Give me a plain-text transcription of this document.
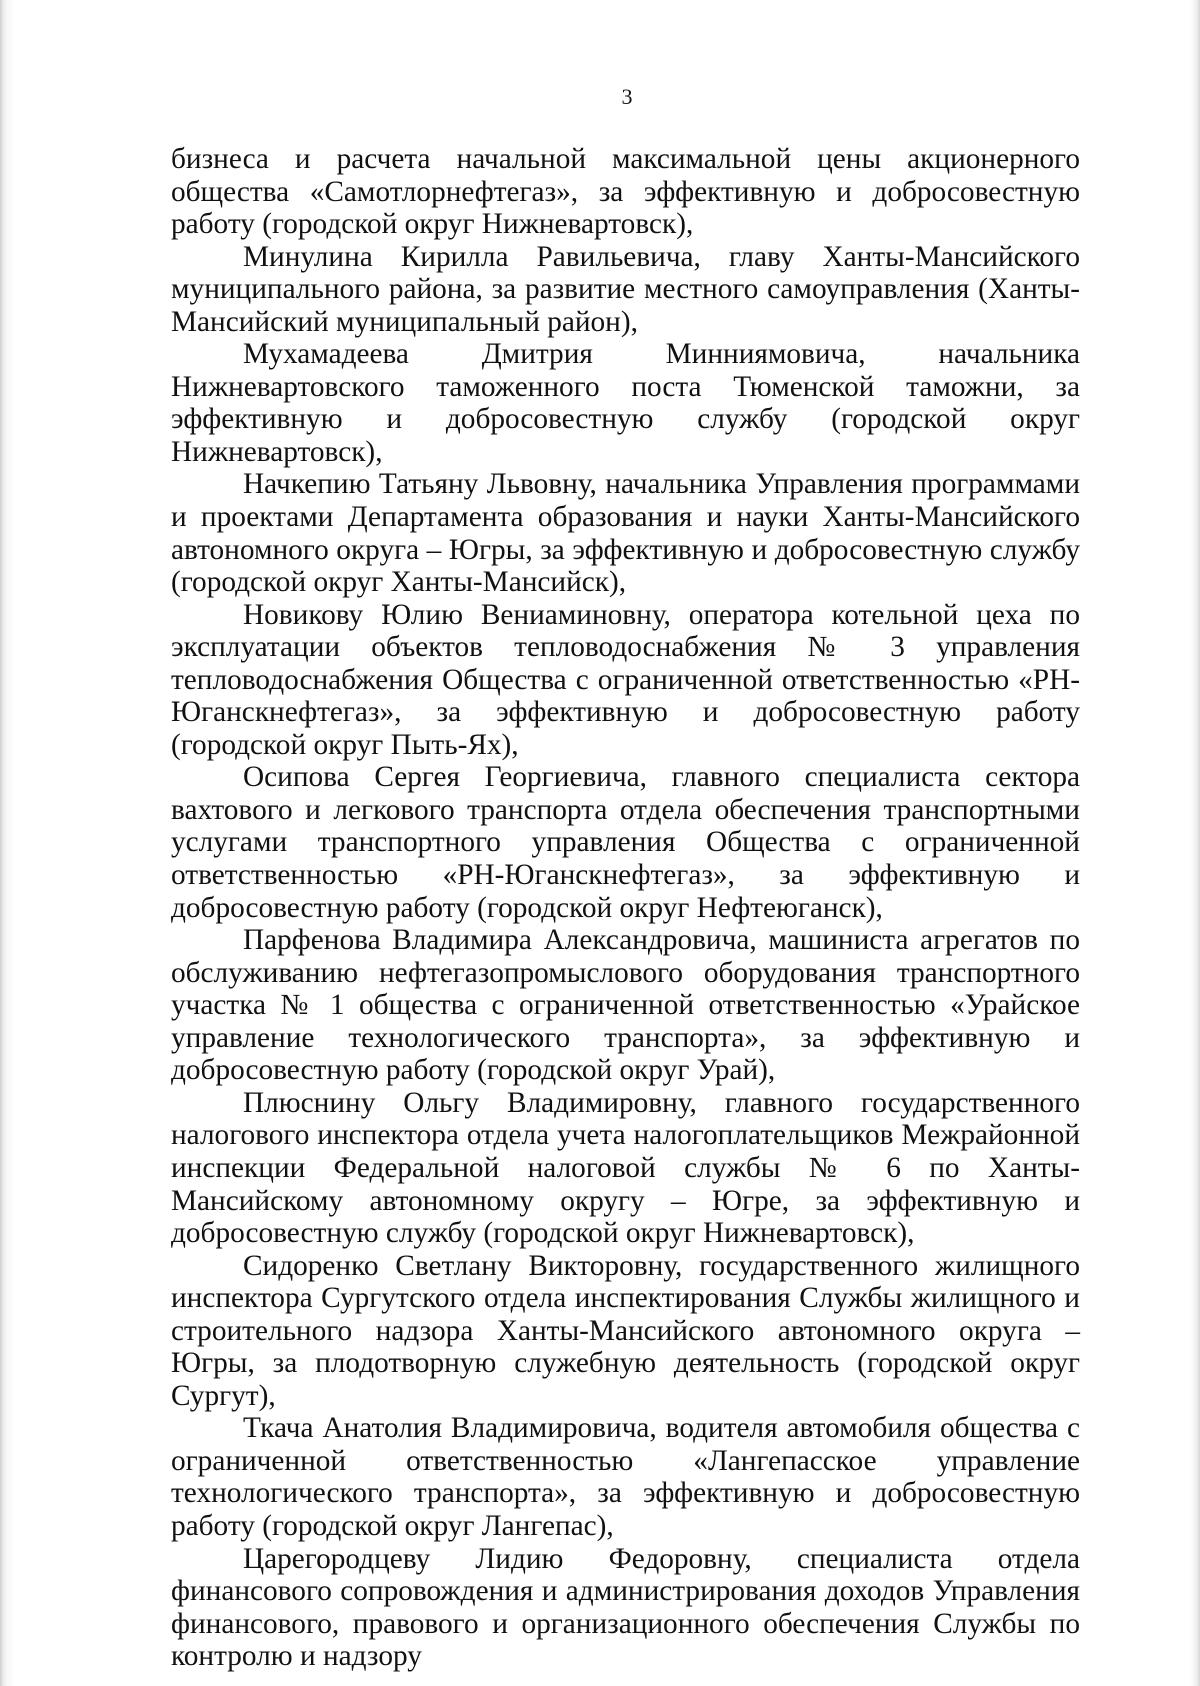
3

бизнеса и расчета начальной максимальной цены акционерного общества «Самотлорнефтегаз», за эффективную и добросовестную работу (городской округ Нижневартовск),

Минулина Кирилла Равильевича, главу Ханты-Мансийского муниципального района, за развитие местного самоуправления (Ханты-Мансийский муниципальный район),

Мухамадеева Дмитрия Минниямовича, начальника Нижневартовского таможенного поста Тюменской таможни, за эффективную и добросовестную службу (городской округ Нижневартовск),

Начкепию Татьяну Львовну, начальника Управления программами и проектами Департамента образования и науки Ханты-Мансийского автономного округа – Югры, за эффективную и добросовестную службу (городской округ Ханты-Мансийск),

Новикову Юлию Вениаминовну, оператора котельной цеха по эксплуатации объектов тепловодоснабжения № 3 управления тепловодоснабжения Общества с ограниченной ответственностью «РН-Юганскнефтегаз», за эффективную и добросовестную работу (городской округ Пыть-Ях),

Осипова Сергея Георгиевича, главного специалиста сектора вахтового и легкового транспорта отдела обеспечения транспортными услугами транспортного управления Общества с ограниченной ответственностью «РН-Юганскнефтегаз», за эффективную и добросовестную работу (городской округ Нефтеюганск),

Парфенова Владимира Александровича, машиниста агрегатов по обслуживанию нефтегазопромыслового оборудования транспортного участка № 1 общества с ограниченной ответственностью «Урайское управление технологического транспорта», за эффективную и добросовестную работу (городской округ Урай),

Плюснину Ольгу Владимировну, главного государственного налогового инспектора отдела учета налогоплательщиков Межрайонной инспекции Федеральной налоговой службы № 6 по Ханты-Мансийскому автономному округу – Югре, за эффективную и добросовестную службу (городской округ Нижневартовск),

Сидоренко Светлану Викторовну, государственного жилищного инспектора Сургутского отдела инспектирования Службы жилищного и строительного надзора Ханты-Мансийского автономного округа – Югры, за плодотворную служебную деятельность (городской округ Сургут),

Ткача Анатолия Владимировича, водителя автомобиля общества с ограниченной ответственностью «Лангепасское управление технологического транспорта», за эффективную и добросовестную работу (городской округ Лангепас),

Царегородцеву Лидию Федоровну, специалиста отдела финансового сопровождения и администрирования доходов Управления финансового, правового и организационного обеспечения Службы по контролю и надзору
